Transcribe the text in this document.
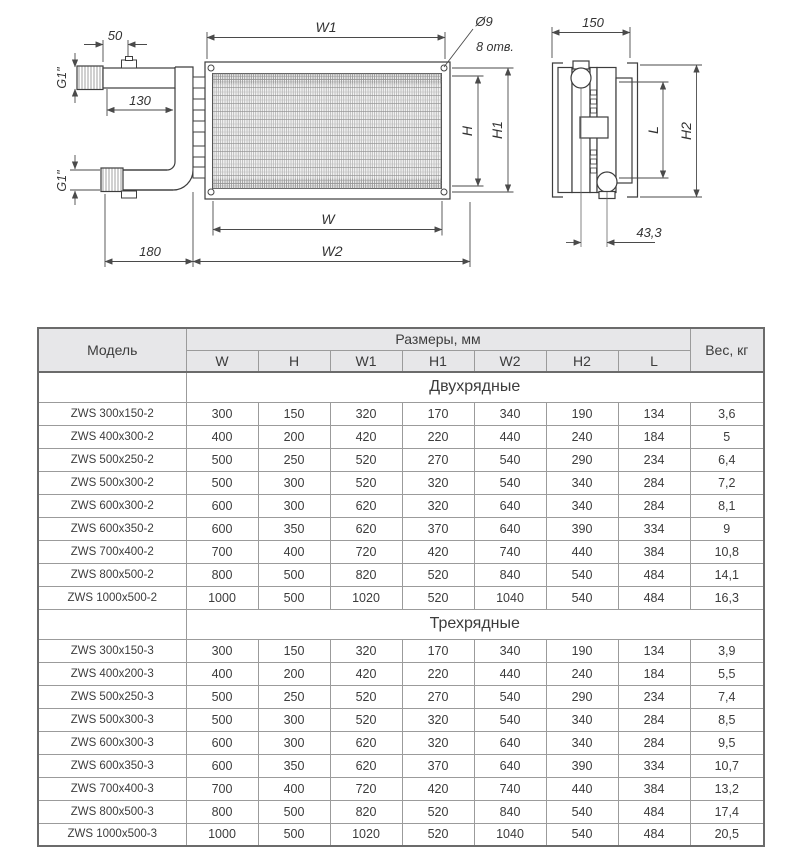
50
G1"
130
G1"
180	W2
W
W1	Ø9
8 отв.
H H1
150
43,3
L H2
Модель	Размеры, мм							Вес, кг
	W	H	W1	H1	W2	H2	L	
	Двухрядные							
ZWS 300x150-2	300	150	320	170	340	190	134	3,6
ZWS 400x300-2	400	200	420	220	440	240	184	5
ZWS 500x250-2	500	250	520	270	540	290	234	6,4
ZWS 500x300-2	500	300	520	320	540	340	284	7,2
ZWS 600x300-2	600	300	620	320	640	340	284	8,1
ZWS 600x350-2	600	350	620	370	640	390	334	9
ZWS 700x400-2	700	400	720	420	740	440	384	10,8
ZWS 800x500-2	800	500	820	520	840	540	484	14,1
ZWS 1000x500-2	1000	500	1020	520	1040	540	484	16,3
	Трехрядные							
ZWS 300x150-3	300	150	320	170	340	190	134	3,9
ZWS 400x200-3	400	200	420	220	440	240	184	5,5
ZWS 500x250-3	500	250	520	270	540	290	234	7,4
ZWS 500x300-3	500	300	520	320	540	340	284	8,5
ZWS 600x300-3	600	300	620	320	640	340	284	9,5
ZWS 600x350-3	600	350	620	370	640	390	334	10,7
ZWS 700x400-3	700	400	720	420	740	440	384	13,2
ZWS 800x500-3	800	500	820	520	840	540	484	17,4
ZWS 1000x500-3	1000	500	1020	520	1040	540	484	20,5
